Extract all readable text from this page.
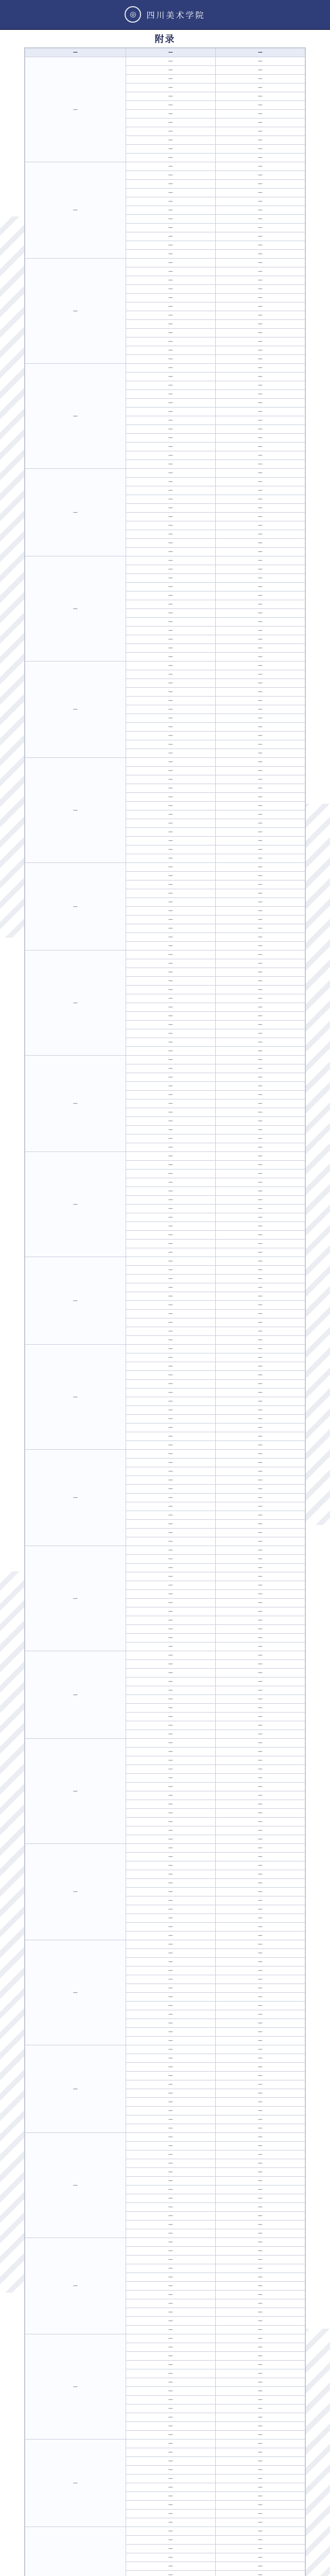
◎	四川美术学院
附录
—	—	—
—	—	—
	—	—
	—	—
	—	—
	—	—
	—	—
	—	—
	—	—
	—	—
	—	—
	—	—
	—	—
—	—	—
	—	—
	—	—
	—	—
	—	—
	—	—
	—	—
	—	—
	—	—
	—	—
	—	—
—	—	—
	—	—
	—	—
	—	—
	—	—
	—	—
	—	—
	—	—
	—	—
	—	—
	—	—
	—	—
—	—	—
	—	—
	—	—
	—	—
	—	—
	—	—
	—	—
	—	—
	—	—
	—	—
	—	—
	—	—
—	—	—
	—	—
	—	—
	—	—
	—	—
	—	—
	—	—
	—	—
	—	—
	—	—
—	—	—
	—	—
	—	—
	—	—
	—	—
	—	—
	—	—
	—	—
	—	—
	—	—
	—	—
	—	—
—	—	—
	—	—
	—	—
	—	—
	—	—
	—	—
	—	—
	—	—
	—	—
	—	—
	—	—
—	—	—
	—	—
	—	—
	—	—
	—	—
	—	—
	—	—
	—	—
	—	—
	—	—
	—	—
	—	—
—	—	—
	—	—
	—	—
	—	—
	—	—
	—	—
	—	—
	—	—
	—	—
	—	—
—	—	—
	—	—
	—	—
	—	—
	—	—
	—	—
	—	—
	—	—
	—	—
	—	—
	—	—
	—	—
—	—	—
	—	—
	—	—
	—	—
	—	—
	—	—
	—	—
	—	—
	—	—
	—	—
	—	—
—	—	—
	—	—
	—	—
	—	—
	—	—
	—	—
	—	—
	—	—
	—	—
	—	—
	—	—
	—	—
—	—	—
	—	—
	—	—
	—	—
	—	—
	—	—
	—	—
	—	—
	—	—
	—	—
—	—	—
	—	—
	—	—
	—	—
	—	—
	—	—
	—	—
	—	—
	—	—
	—	—
	—	—
	—	—
—	—	—
	—	—
	—	—
	—	—
	—	—
	—	—
	—	—
	—	—
	—	—
	—	—
	—	—
—	—	—
	—	—
	—	—
	—	—
	—	—
	—	—
	—	—
	—	—
	—	—
	—	—
	—	—
	—	—
—	—	—
	—	—
	—	—
	—	—
	—	—
	—	—
	—	—
	—	—
	—	—
	—	—
—	—	—
	—	—
	—	—
	—	—
	—	—
	—	—
	—	—
	—	—
	—	—
	—	—
	—	—
	—	—
—	—	—
	—	—
	—	—
	—	—
	—	—
	—	—
	—	—
	—	—
	—	—
	—	—
	—	—
—	—	—
	—	—
	—	—
	—	—
	—	—
	—	—
	—	—
	—	—
	—	—
	—	—
	—	—
	—	—
—	—	—
	—	—
	—	—
	—	—
	—	—
	—	—
	—	—
	—	—
	—	—
	—	—
—	—	—
	—	—
	—	—
	—	—
	—	—
	—	—
	—	—
	—	—
	—	—
	—	—
	—	—
	—	—
—	—	—
	—	—
	—	—
	—	—
	—	—
	—	—
	—	—
	—	—
	—	—
	—	—
	—	—
—	—	—
	—	—
	—	—
	—	—
	—	—
	—	—
	—	—
	—	—
	—	—
	—	—
	—	—
	—	—
—	—	—
	—	—
	—	—
	—	—
	—	—
	—	—
	—	—
	—	—
	—	—
	—	—
	—	—
	—	—
	—	—
	—	—
	—	—
	—	—
